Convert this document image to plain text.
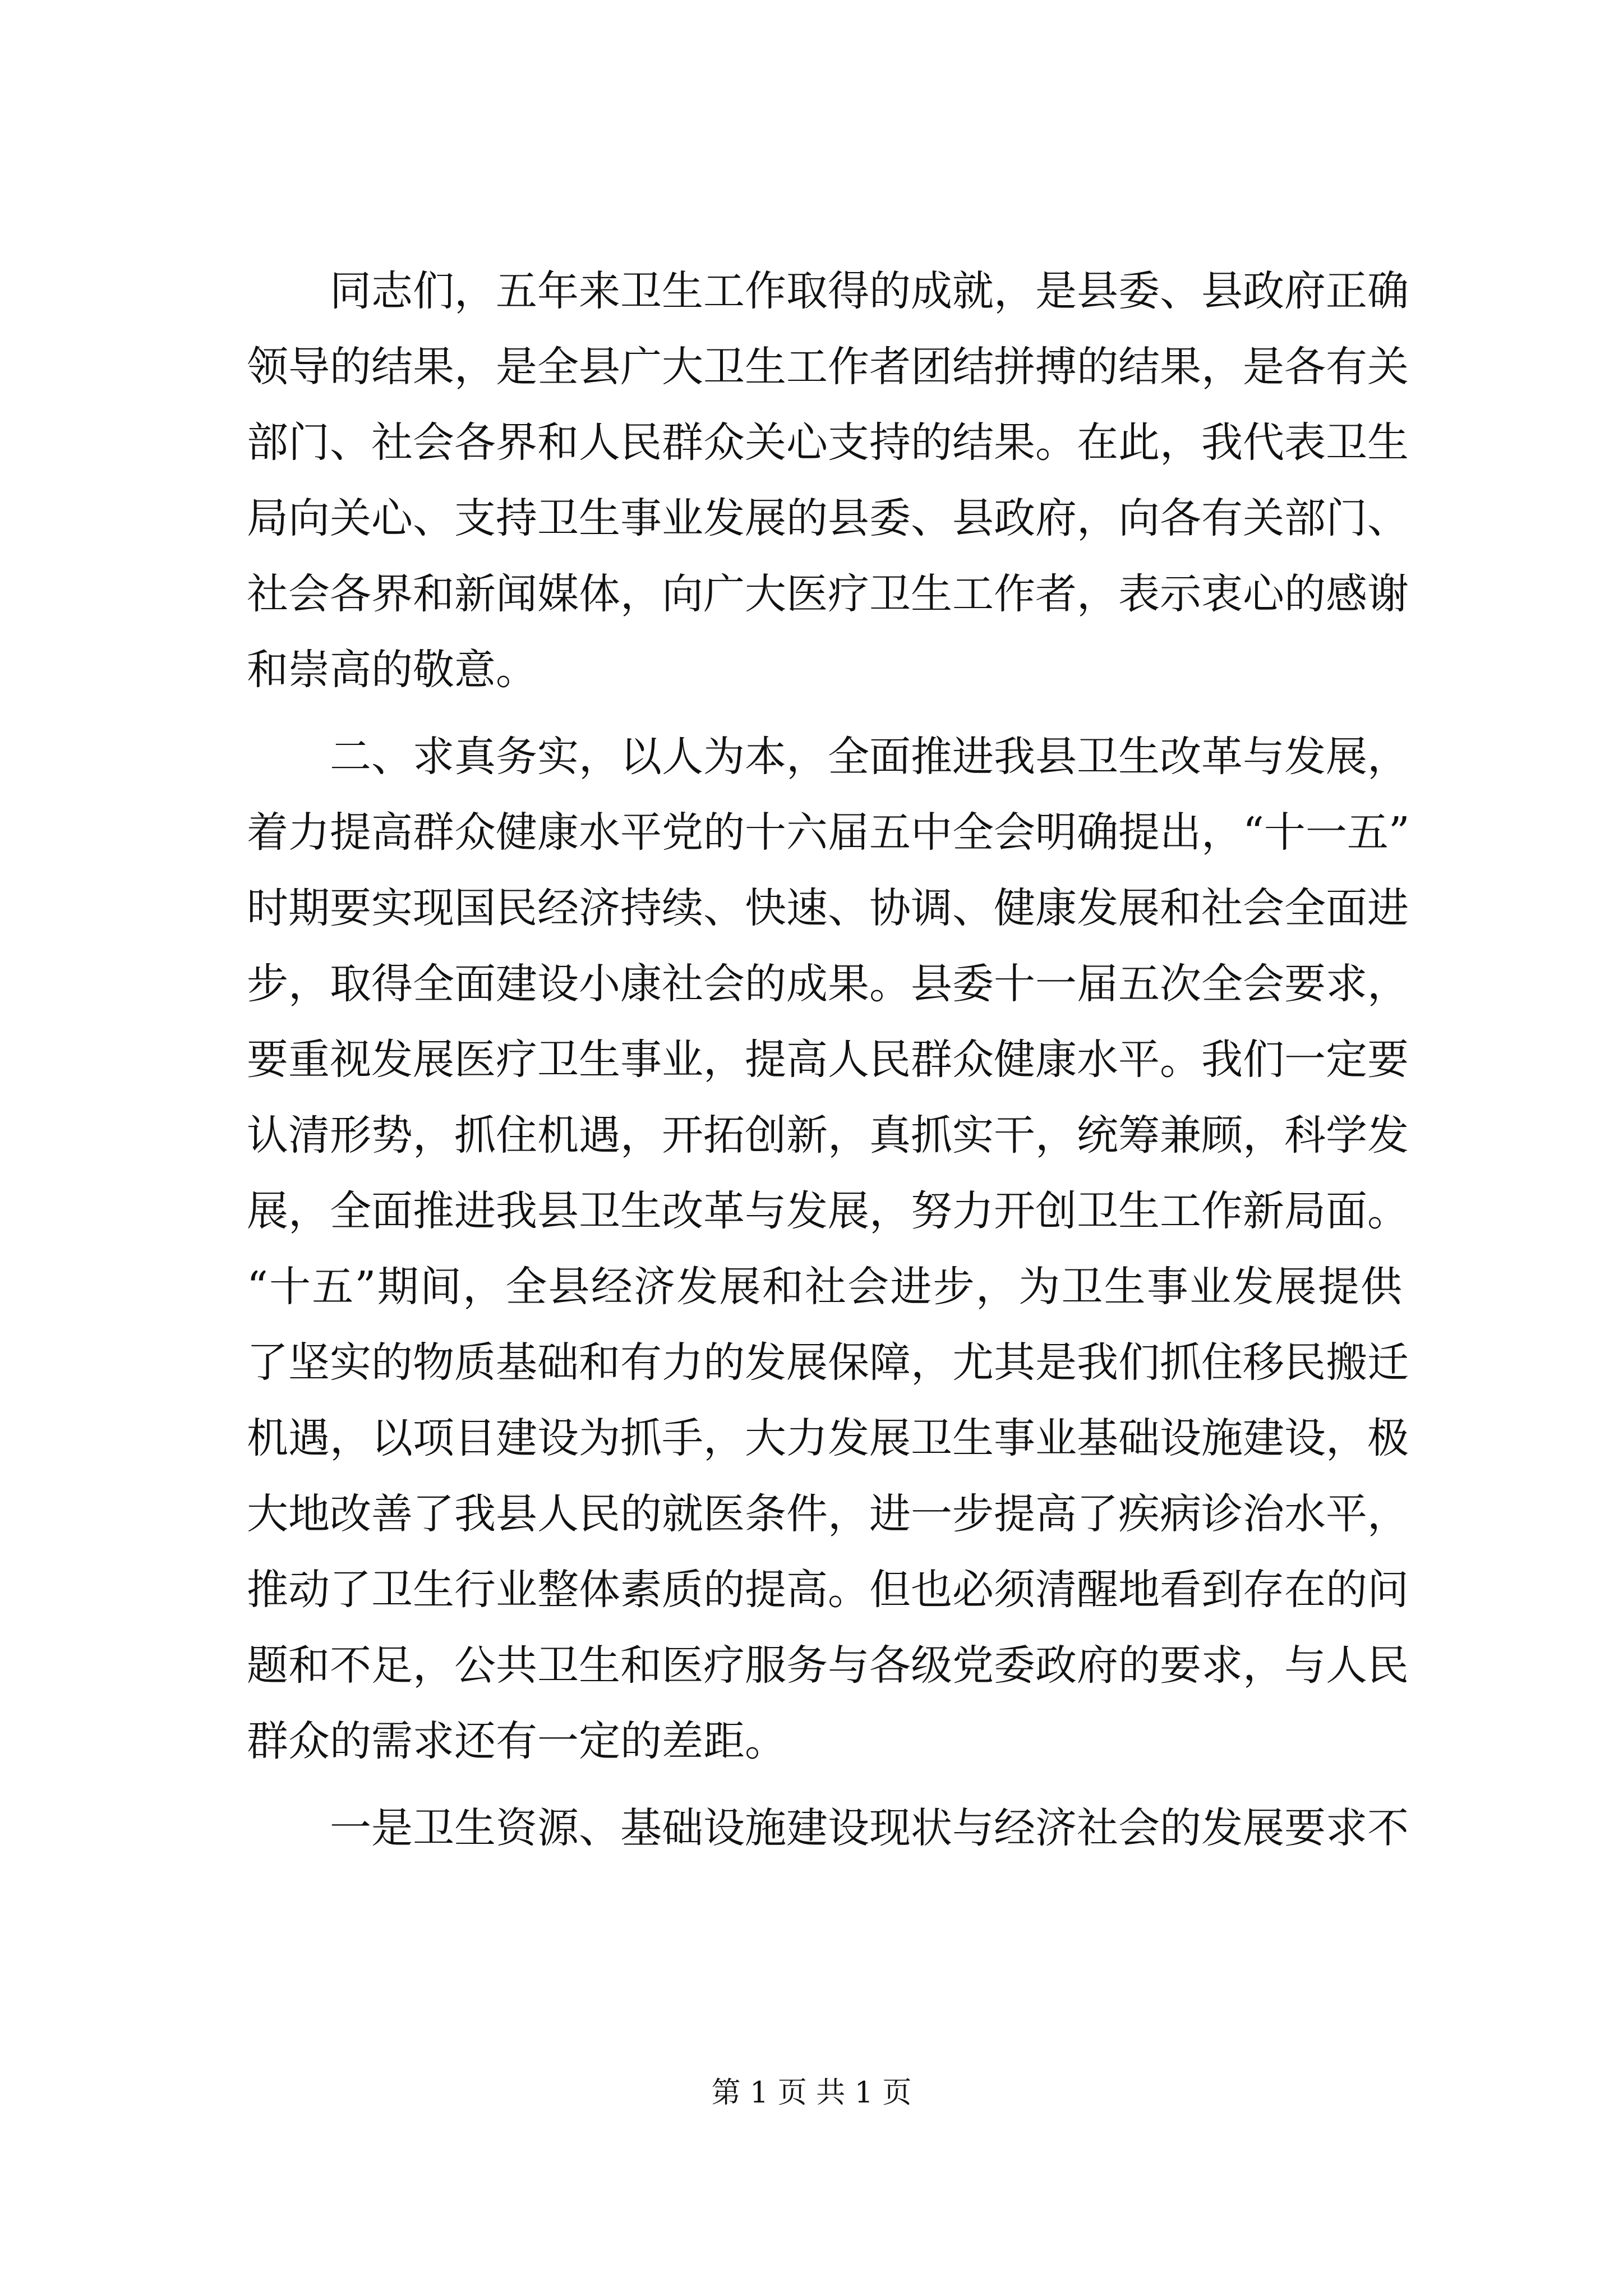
　　同志们，五年来卫生工作取得的成就，是县委、县政府正确
领导的结果，是全县广大卫生工作者团结拼搏的结果，是各有关
部门、社会各界和人民群众关心支持的结果。在此，我代表卫生
局向关心、支持卫生事业发展的县委、县政府，向各有关部门、
社会各界和新闻媒体，向广大医疗卫生工作者，表示衷心的感谢
和崇高的敬意。
　　二、求真务实，以人为本，全面推进我县卫生改革与发展，
着力提高群众健康水平党的十六届五中全会明确提出，“十一五”
时期要实现国民经济持续、快速、协调、健康发展和社会全面进
步，取得全面建设小康社会的成果。县委十一届五次全会要求，
要重视发展医疗卫生事业，提高人民群众健康水平。我们一定要
认清形势，抓住机遇，开拓创新，真抓实干，统筹兼顾，科学发
展，全面推进我县卫生改革与发展，努力开创卫生工作新局面。
“十五”期间，全县经济发展和社会进步，为卫生事业发展提供
了坚实的物质基础和有力的发展保障，尤其是我们抓住移民搬迁
机遇，以项目建设为抓手，大力发展卫生事业基础设施建设，极
大地改善了我县人民的就医条件，进一步提高了疾病诊治水平，
推动了卫生行业整体素质的提高。但也必须清醒地看到存在的问
题和不足，公共卫生和医疗服务与各级党委政府的要求，与人民
群众的需求还有一定的差距。
　　一是卫生资源、基础设施建设现状与经济社会的发展要求不
第 1 页 共 1 页
